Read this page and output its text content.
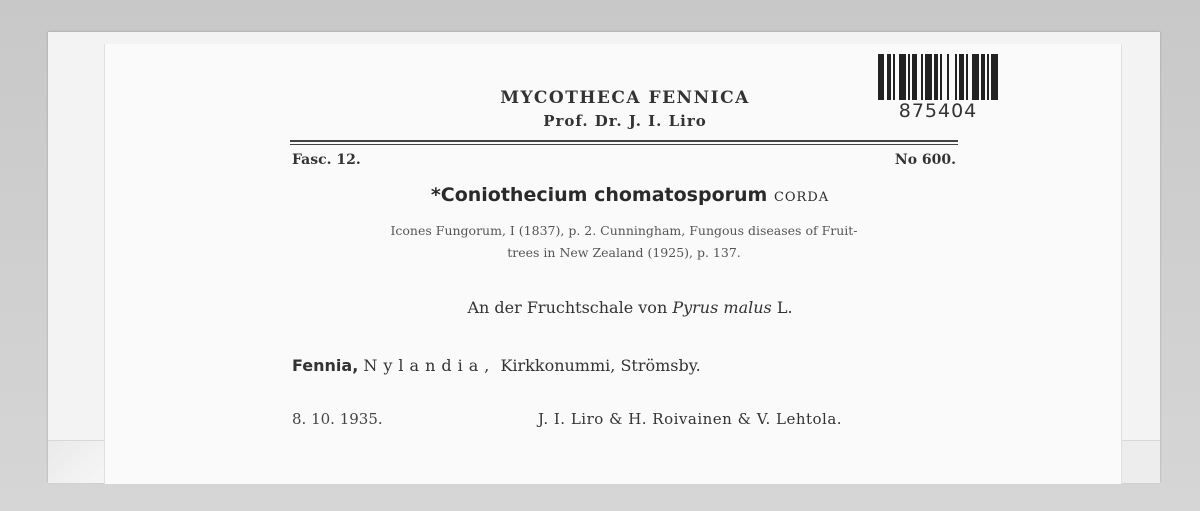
875404
MYCOTHECA FENNICA
Prof. Dr. J. I. Liro
Fasc. 12.	No 600.
*Coniothecium chomatosporum CORDA
Icones Fungorum, I (1837), p. 2. Cunningham, Fungous diseases of Fruit-
trees in New Zealand (1925), p. 137.
An der Fruchtschale von Pyrus malus L.
Fennia, Nylandia, Kirkkonummi, Strömsby.
8. 10. 1935.	J. I. Liro & H. Roivainen & V. Lehtola.
